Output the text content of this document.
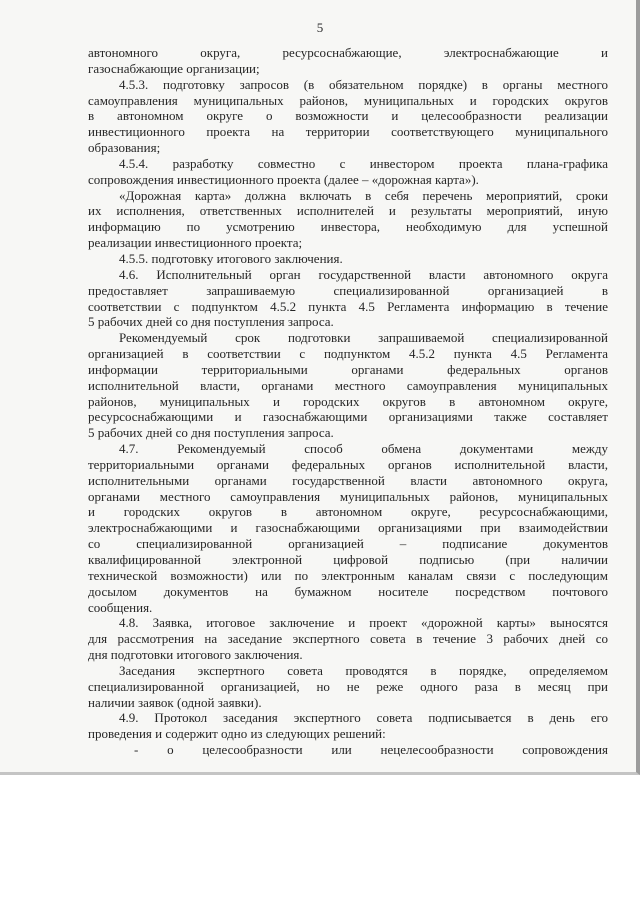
5

автономного округа, ресурсоснабжающие, электроснабжающие и

газоснабжающие организации;

4.5.3. подготовку запросов (в обязательном порядке) в органы местного

самоуправления муниципальных районов, муниципальных и городских округов

в автономном округе о возможности и целесообразности реализации

инвестиционного проекта на территории соответствующего муниципального

образования;

4.5.4. разработку совместно с инвестором проекта плана-графика

сопровождения инвестиционного проекта (далее – «дорожная карта»).

«Дорожная карта» должна включать в себя перечень мероприятий, сроки

их исполнения, ответственных исполнителей и результаты мероприятий, иную

информацию по усмотрению инвестора, необходимую для успешной

реализации инвестиционного проекта;

4.5.5. подготовку итогового заключения.

4.6. Исполнительный орган государственной власти автономного округа

предоставляет запрашиваемую специализированной организацией в

соответствии с подпунктом 4.5.2 пункта 4.5 Регламента информацию в течение

5 рабочих дней со дня поступления запроса.

Рекомендуемый срок подготовки запрашиваемой специализированной

организацией в соответствии с подпунктом 4.5.2 пункта 4.5 Регламента

информации территориальными органами федеральных органов

исполнительной власти, органами местного самоуправления муниципальных

районов, муниципальных и городских округов в автономном округе,

ресурсоснабжающими и газоснабжающими организациями также составляет

5 рабочих дней со дня поступления запроса.

4.7. Рекомендуемый способ обмена документами между

территориальными органами федеральных органов исполнительной власти,

исполнительными органами государственной власти автономного округа,

органами местного самоуправления муниципальных районов, муниципальных

и городских округов в автономном округе, ресурсоснабжающими,

электроснабжающими и газоснабжающими организациями при взаимодействии

со специализированной организацией – подписание документов

квалифицированной электронной цифровой подписью (при наличии

технической возможности) или по электронным каналам связи с последующим

досылом документов на бумажном носителе посредством почтового

сообщения.

4.8. Заявка, итоговое заключение и проект «дорожной карты» выносятся

для рассмотрения на заседание экспертного совета в течение 3 рабочих дней со

дня подготовки итогового заключения.

Заседания экспертного совета проводятся в порядке, определяемом

специализированной организацией, но не реже одного раза в месяц при

наличии заявок (одной заявки).

4.9. Протокол заседания экспертного совета подписывается в день его

проведения и содержит одно из следующих решений:

- о целесообразности или нецелесообразности сопровождения
